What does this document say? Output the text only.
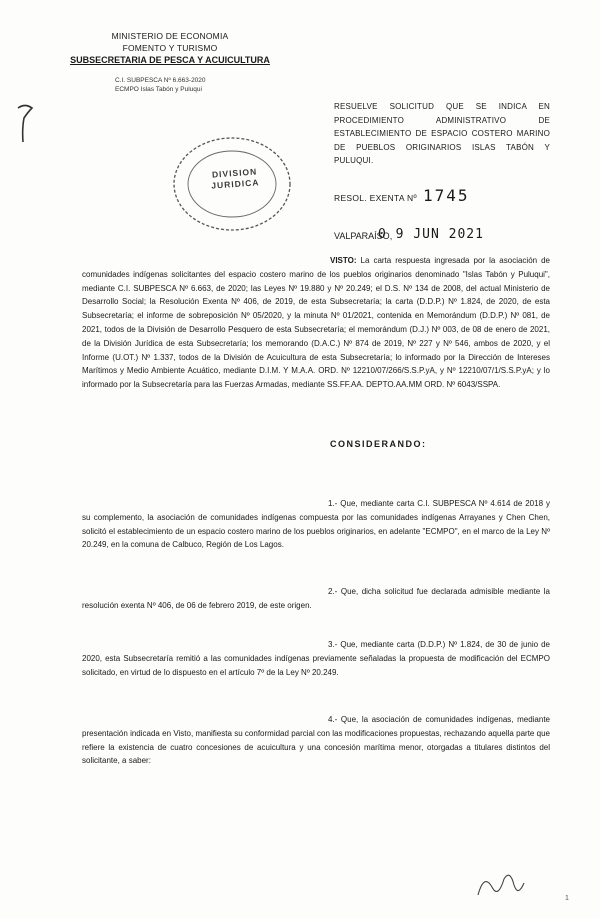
MINISTERIO DE ECONOMIA
FOMENTO Y TURISMO
SUBSECRETARIA DE PESCA Y ACUICULTURA
C.I. SUBPESCA Nº 6.663-2020
ECMPO Islas Tabón y Puluqui
DIVISION
JURIDICA
RESUELVE SOLICITUD QUE SE INDICA EN PROCEDIMIENTO ADMINISTRATIVO DE ESTABLECIMIENTO DE ESPACIO COSTERO MARINO DE PUEBLOS ORIGINARIOS ISLAS TABÓN Y PULUQUI.
RESOL. EXENTA Nº 1745
VALPARAÍSO,
0 9 JUN 2021
VISTO: La carta respuesta ingresada por la asociación de comunidades indígenas solicitantes del espacio costero marino de los pueblos originarios denominado "Islas Tabón y Puluqui", mediante C.I. SUBPESCA Nº 6.663, de 2020; las Leyes Nº 19.880 y Nº 20.249; el D.S. Nº 134 de 2008, del actual Ministerio de Desarrollo Social; la Resolución Exenta Nº 406, de 2019, de esta Subsecretaría; la carta (D.D.P.) Nº 1.824, de 2020, de esta Subsecretaría; el informe de sobreposición Nº 05/2020, y la minuta Nº 01/2021, contenida en Memorándum (D.D.P.) Nº 081, de 2021, todos de la División de Desarrollo Pesquero de esta Subsecretaría; el memorándum (D.J.) Nº 003, de 08 de enero de 2021, de la División Jurídica de esta Subsecretaría; los memorando (D.A.C.) Nº 874 de 2019, Nº 227 y Nº 546, ambos de 2020, y el Informe (U.OT.) Nº 1.337, todos de la División de Acuicultura de esta Subsecretaría; lo informado por la Dirección de Intereses Marítimos y Medio Ambiente Acuático, mediante D.I.M. Y M.A.A. ORD. Nº 12210/07/266/S.S.P.yA, y Nº 12210/07/1/S.S.P.yA; y lo informado por la Subsecretaría para las Fuerzas Armadas, mediante SS.FF.AA. DEPTO.AA.MM ORD. Nº 6043/SSPA.
CONSIDERANDO:
1.- Que, mediante carta C.I. SUBPESCA Nº 4.614 de 2018 y su complemento, la asociación de comunidades indígenas compuesta por las comunidades indígenas Arrayanes y Chen Chen, solicitó el establecimiento de un espacio costero marino de los pueblos originarios, en adelante "ECMPO", en el marco de la Ley Nº 20.249, en la comuna de Calbuco, Región de Los Lagos.
2.- Que, dicha solicitud fue declarada admisible mediante la resolución exenta Nº 406, de 06 de febrero 2019, de este origen.
3.- Que, mediante carta (D.D.P.) Nº 1.824, de 30 de junio de 2020, esta Subsecretaría remitió a las comunidades indígenas previamente señaladas la propuesta de modificación del ECMPO solicitado, en virtud de lo dispuesto en el artículo 7º de la Ley Nº 20.249.
4.- Que, la asociación de comunidades indígenas, mediante presentación indicada en Visto, manifiesta su conformidad parcial con las modificaciones propuestas, rechazando aquella parte que refiere la existencia de cuatro concesiones de acuicultura y una concesión marítima menor, otorgadas a titulares distintos del solicitante, a saber:
1
